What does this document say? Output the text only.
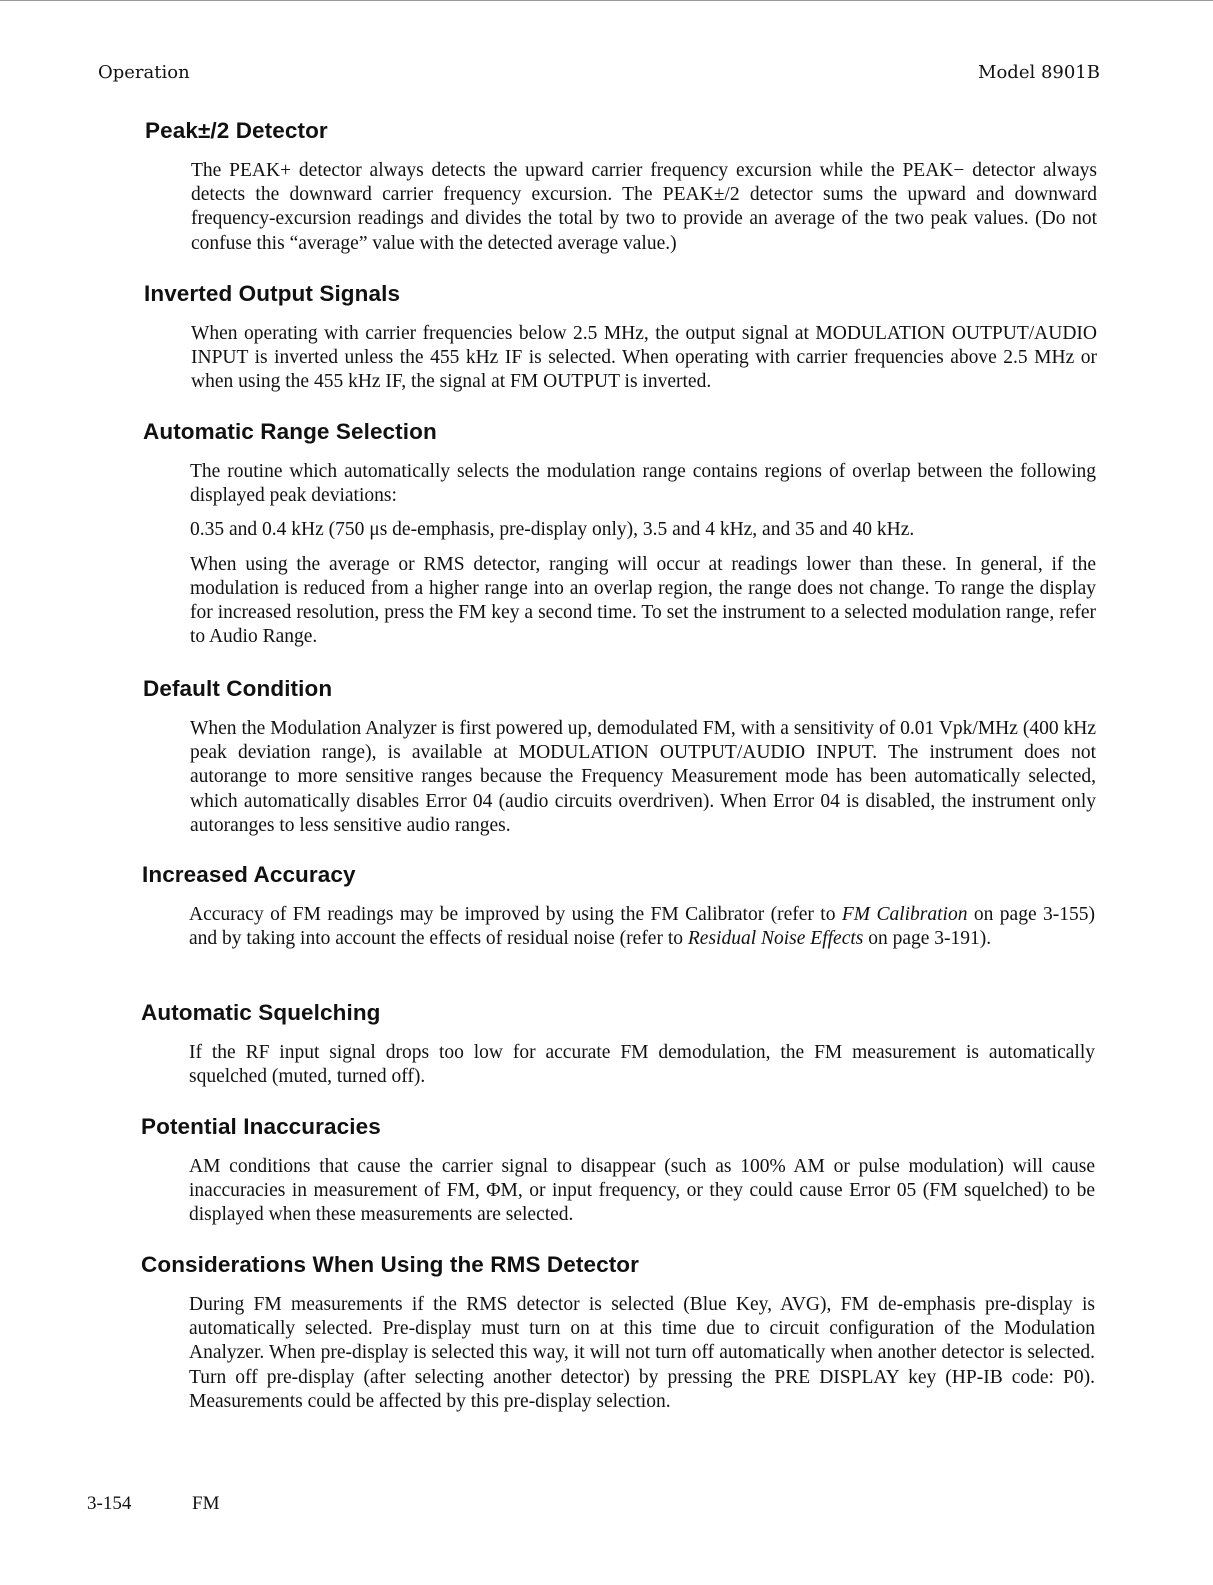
Operation	Model 8901B
Peak±/2 Detector

The PEAK+ detector always detects the upward carrier frequency excursion while the PEAK− detector always detects the downward carrier frequency excursion. The PEAK±/2 detector sums the upward and downward frequency-excursion readings and divides the total by two to provide an average of the two peak values. (Do not confuse this “average” value with the detected average value.)

Inverted Output Signals

When operating with carrier frequencies below 2.5 MHz, the output signal at MODULATION OUTPUT/AUDIO INPUT is inverted unless the 455 kHz IF is selected. When operating with carrier frequencies above 2.5 MHz or when using the 455 kHz IF, the signal at FM OUTPUT is inverted.

Automatic Range Selection

The routine which automatically selects the modulation range contains regions of overlap between the following displayed peak deviations:

0.35 and 0.4 kHz (750 μs de-emphasis, pre-display only), 3.5 and 4 kHz, and 35 and 40 kHz.

When using the average or RMS detector, ranging will occur at readings lower than these. In general, if the modulation is reduced from a higher range into an overlap region, the range does not change. To range the display for increased resolution, press the FM key a second time. To set the instrument to a selected modulation range, refer to Audio Range.

Default Condition

When the Modulation Analyzer is first powered up, demodulated FM, with a sensitivity of 0.01 Vpk/MHz (400 kHz peak deviation range), is available at MODULATION OUTPUT/AUDIO INPUT. The instrument does not autorange to more sensitive ranges because the Frequency Measurement mode has been automatically selected, which automatically disables Error 04 (audio circuits overdriven). When Error 04 is disabled, the instrument only autoranges to less sensitive audio ranges.

Increased Accuracy

Accuracy of FM readings may be improved by using the FM Calibrator (refer to FM Calibration on page 3-155) and by taking into account the effects of residual noise (refer to Residual Noise Effects on page 3-191).

Automatic Squelching

If the RF input signal drops too low for accurate FM demodulation, the FM measurement is automatically squelched (muted, turned off).

Potential Inaccuracies

AM conditions that cause the carrier signal to disappear (such as 100% AM or pulse modulation) will cause inaccuracies in measurement of FM, ΦM, or input frequency, or they could cause Error 05 (FM squelched) to be displayed when these measurements are selected.

Considerations When Using the RMS Detector

During FM measurements if the RMS detector is selected (Blue Key, AVG), FM de-emphasis pre-display is automatically selected. Pre-display must turn on at this time due to circuit configuration of the Modulation Analyzer. When pre-display is selected this way, it will not turn off automatically when another detector is selected. Turn off pre-display (after selecting another detector) by pressing the PRE DISPLAY key (HP-IB code: P0). Measurements could be affected by this pre-display selection.

3-154	FM
